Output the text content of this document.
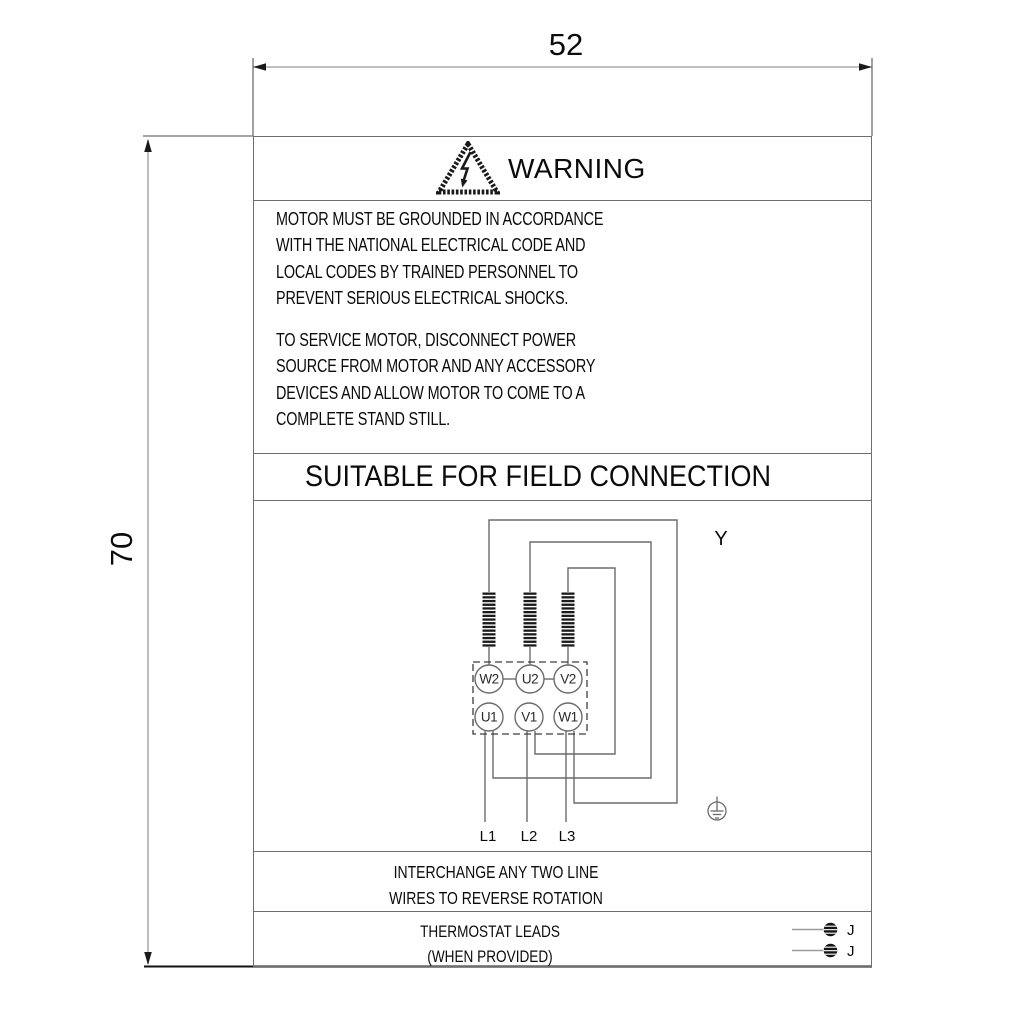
J
J
52
70
WARNING
MOTOR MUST BE GROUNDED IN ACCORDANCE
WITH THE NATIONAL ELECTRICAL CODE AND
LOCAL CODES BY TRAINED PERSONNEL TO
PREVENT SERIOUS ELECTRICAL SHOCKS.
TO SERVICE MOTOR, DISCONNECT POWER
SOURCE FROM MOTOR AND ANY ACCESSORY
DEVICES AND ALLOW MOTOR TO COME TO A
COMPLETE STAND STILL.
SUITABLE FOR FIELD CONNECTION
W2 U2 V2
U1 V1 W1
L1 L2 L3
Y
INTERCHANGE ANY TWO LINE
WIRES TO REVERSE ROTATION
THERMOSTAT LEADS
(WHEN PROVIDED)
